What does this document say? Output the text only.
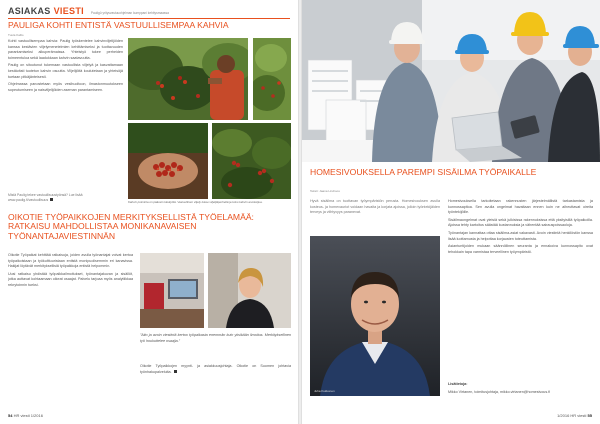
ASIAKAS VIESTI Pauligü yritysvastuuohjelman kumppani kehitysmaassa
PAULIGA KOHTI ENTISTÄ VASTUULLISEMPAA KAHVIA
Tuula Kallio

Kohti vastuullisempaa kahvia: Paulig työskentelee kahvinviljelijöiden kanssa kestävien viljelymenetelmien kehittämiseksi ja tuottavuuden parantamiseksi alkuperämaissa. Yhteistyö tukee perheiden toimeentuloa sekä laadukkaan kahvin saatavuutta.

Paulig on sitoutunut tukemaan vastuullista viljelyä ja kasvattamaan kestävästi tuotetun kahvin osuutta. Viljelijöitä koulutetaan ja yhteisöjä tuetaan pitkäjänteisesti.

Ohjelmassa panostetaan myös vesihuoltoon, ilmastonmuutokseen sopeutumiseen ja naisviljelijöiden aseman parantamiseen.

Mistä Paulig tekee vastuullisuustyönsä? Lue lisää www.paulig.fi/vastuullisuus
Kahvin poiminta on pääosin käsityötä. Vastuullinen viljely tukee viljelijäperheitä ja koko kahvin arvoketjua.
OIKOTIE TYÖPAIKKOJEN MERKITYKSELLISTÄ TYÖELAMÄÄ: RATKAISU MAHDOLLISTAA MONIKANAVAISEN TYÖNANTAJAVIESTINNÄN

Oikotie Työpaikat kehittää ratkaisuja, joiden avulla työnantajat voivat kertoa työpaikoistaan ja työkulttuuristaan entistä monipuolisemmin eri kanavissa. Hakijat löytävät merkityksellisiä työpaikkoja entistä helpommin.

Uusi ratkaisu yhdistää työpaikkailmoitukset, työnantajakuvan ja sisällöt, jotka auttavat kohtaamaan oikeat osaajat. Palvelu tarjoaa myös analytiikkaa rekrytoinnin tueksi.

”Aito ja avoin viestintä kertoo työpaikasta enemmän kuin yksikään ilmoitus. Merkityksellinen työ houkuttelee osaajia.”
Oikotie Työpaikkojen myynti- ja asiakkuusjohtaja. Oikotie on Suomen johtavia työnhakupalveluita.
54 HR viesti 1/2016
HOMESIVOUKSELLA PAREMPI SISÄILMA TYÖPAIKALLE
Teksti: Jaana Lindroos
Hyvä sisäilma on tuottavan työympäristön perusta. Homesivouksen avulla kosteus- ja homevauriot voidaan havaita ja korjata ajoissa, jolloin työntekijäiden terveys ja viihtyvyys paranevat.
Juha Kukkonen

Homesivouksella tarkoitetaan rakennusten järjestelmällistä tarkastamista ja kunnossapitoa. Sen avulla ongelmat havaitaan ennen kuin ne aiheuttavat oireita työntekijöille.

Sisäilmaongelmat ovat yleisiä sekä julkisissa rakennuksissa että yksityisillä työpaikoilla. Ajoissa tehty kartoitus säästää kustannuksia ja vähentää sairauspoissaoloja.

Työnantajan kannattaa ottaa sisäilma-asiat vakavasti. Avoin viestintä henkilöstön kanssa lisää luottamusta ja helpottaa korjausten toteuttamista.

Asiantuntijoiden mukaan säännöllinen seuranta ja ennakoiva kunnossapito ovat tehokkain tapa varmistaa terveellinen työympäristö.

Lisätietoja:

Mikko Virtanen, toimitusjohtaja, mikko.virtanen@homesivous.fi

1/2016 HR viesti 55
